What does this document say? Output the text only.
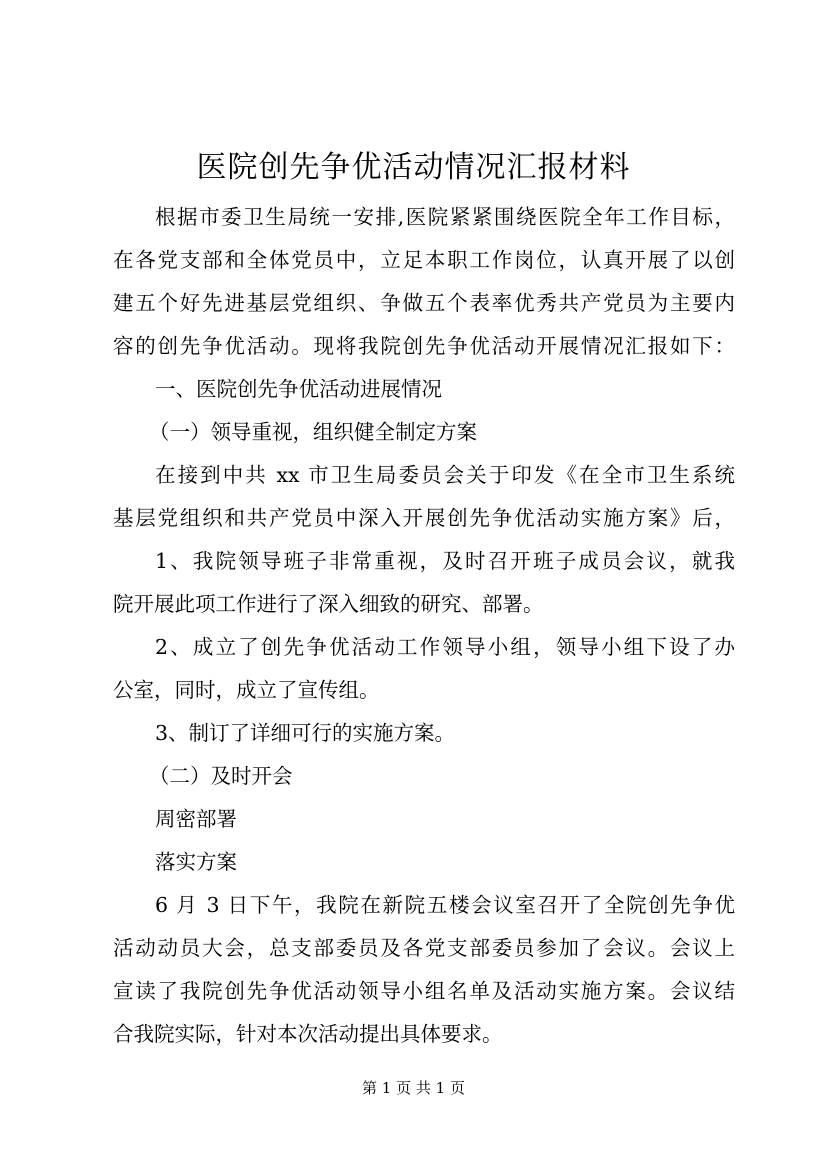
医院创先争优活动情况汇报材料

根据市委卫生局统一安排,医院紧紧围绕医院全年工作目标，

在各党支部和全体党员中，立足本职工作岗位，认真开展了以创

建五个好先进基层党组织、争做五个表率优秀共产党员为主要内

容的创先争优活动。现将我院创先争优活动开展情况汇报如下：

一、医院创先争优活动进展情况

（一）领导重视，组织健全制定方案

在接到中共 xx 市卫生局委员会关于印发《在全市卫生系统

基层党组织和共产党员中深入开展创先争优活动实施方案》后，

1、我院领导班子非常重视，及时召开班子成员会议，就我

院开展此项工作进行了深入细致的研究、部署。

2、成立了创先争优活动工作领导小组，领导小组下设了办

公室，同时，成立了宣传组。

3、制订了详细可行的实施方案。

（二）及时开会

周密部署

落实方案

6 月 3 日下午，我院在新院五楼会议室召开了全院创先争优

活动动员大会，总支部委员及各党支部委员参加了会议。会议上

宣读了我院创先争优活动领导小组名单及活动实施方案。会议结

合我院实际，针对本次活动提出具体要求。

第 1 页 共 1 页
